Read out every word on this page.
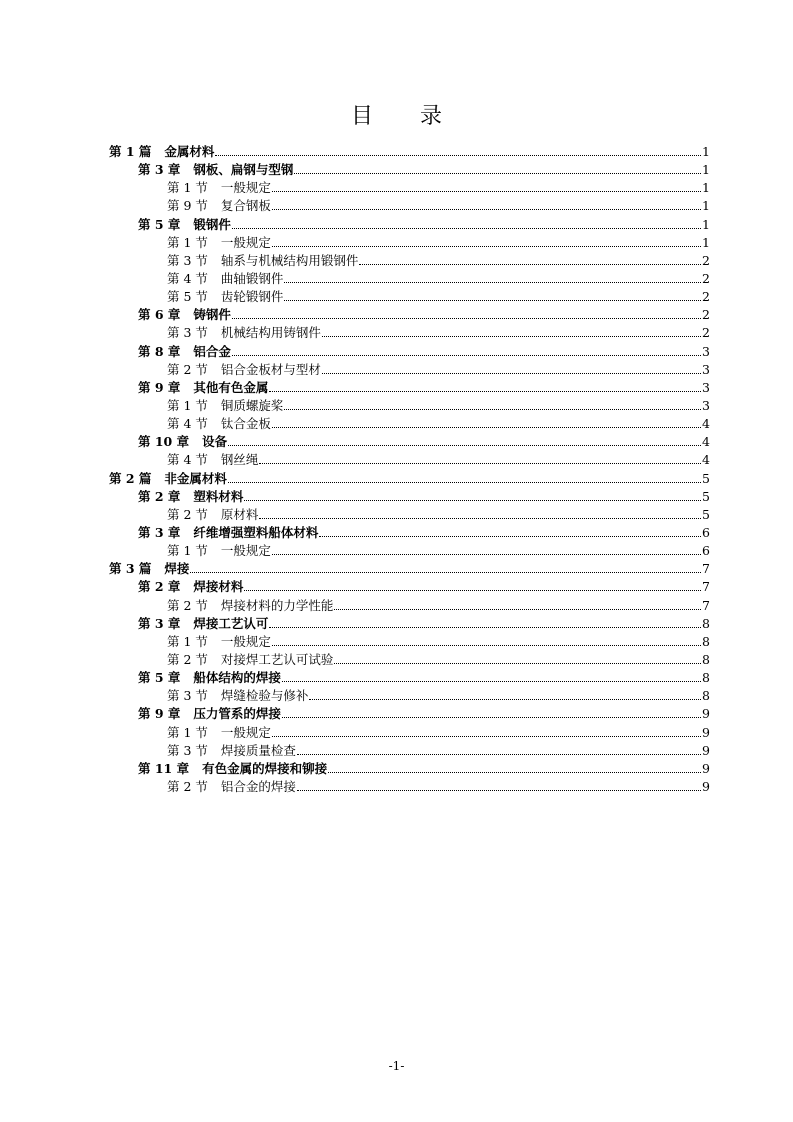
目 录
第 1 篇 金属材料	1
第 3 章 钢板、扁钢与型钢	1
第 1 节 一般规定	1
第 9 节 复合钢板	1
第 5 章 锻钢件	1
第 1 节 一般规定	1
第 3 节 轴系与机械结构用锻钢件	2
第 4 节 曲轴锻钢件	2
第 5 节 齿轮锻钢件	2
第 6 章 铸钢件	2
第 3 节 机械结构用铸钢件	2
第 8 章 铝合金	3
第 2 节 铝合金板材与型材	3
第 9 章 其他有色金属	3
第 1 节 铜质螺旋桨	3
第 4 节 钛合金板	4
第 10 章 设备	4
第 4 节 钢丝绳	4
第 2 篇 非金属材料	5
第 2 章 塑料材料	5
第 2 节 原材料	5
第 3 章 纤维增强塑料船体材料	6
第 1 节 一般规定	6
第 3 篇 焊接	7
第 2 章 焊接材料	7
第 2 节 焊接材料的力学性能	7
第 3 章 焊接工艺认可	8
第 1 节 一般规定	8
第 2 节 对接焊工艺认可试验	8
第 5 章 船体结构的焊接	8
第 3 节 焊缝检验与修补	8
第 9 章 压力管系的焊接	9
第 1 节 一般规定	9
第 3 节 焊接质量检查	9
第 11 章 有色金属的焊接和铆接	9
第 2 节 铝合金的焊接	9
-1-
